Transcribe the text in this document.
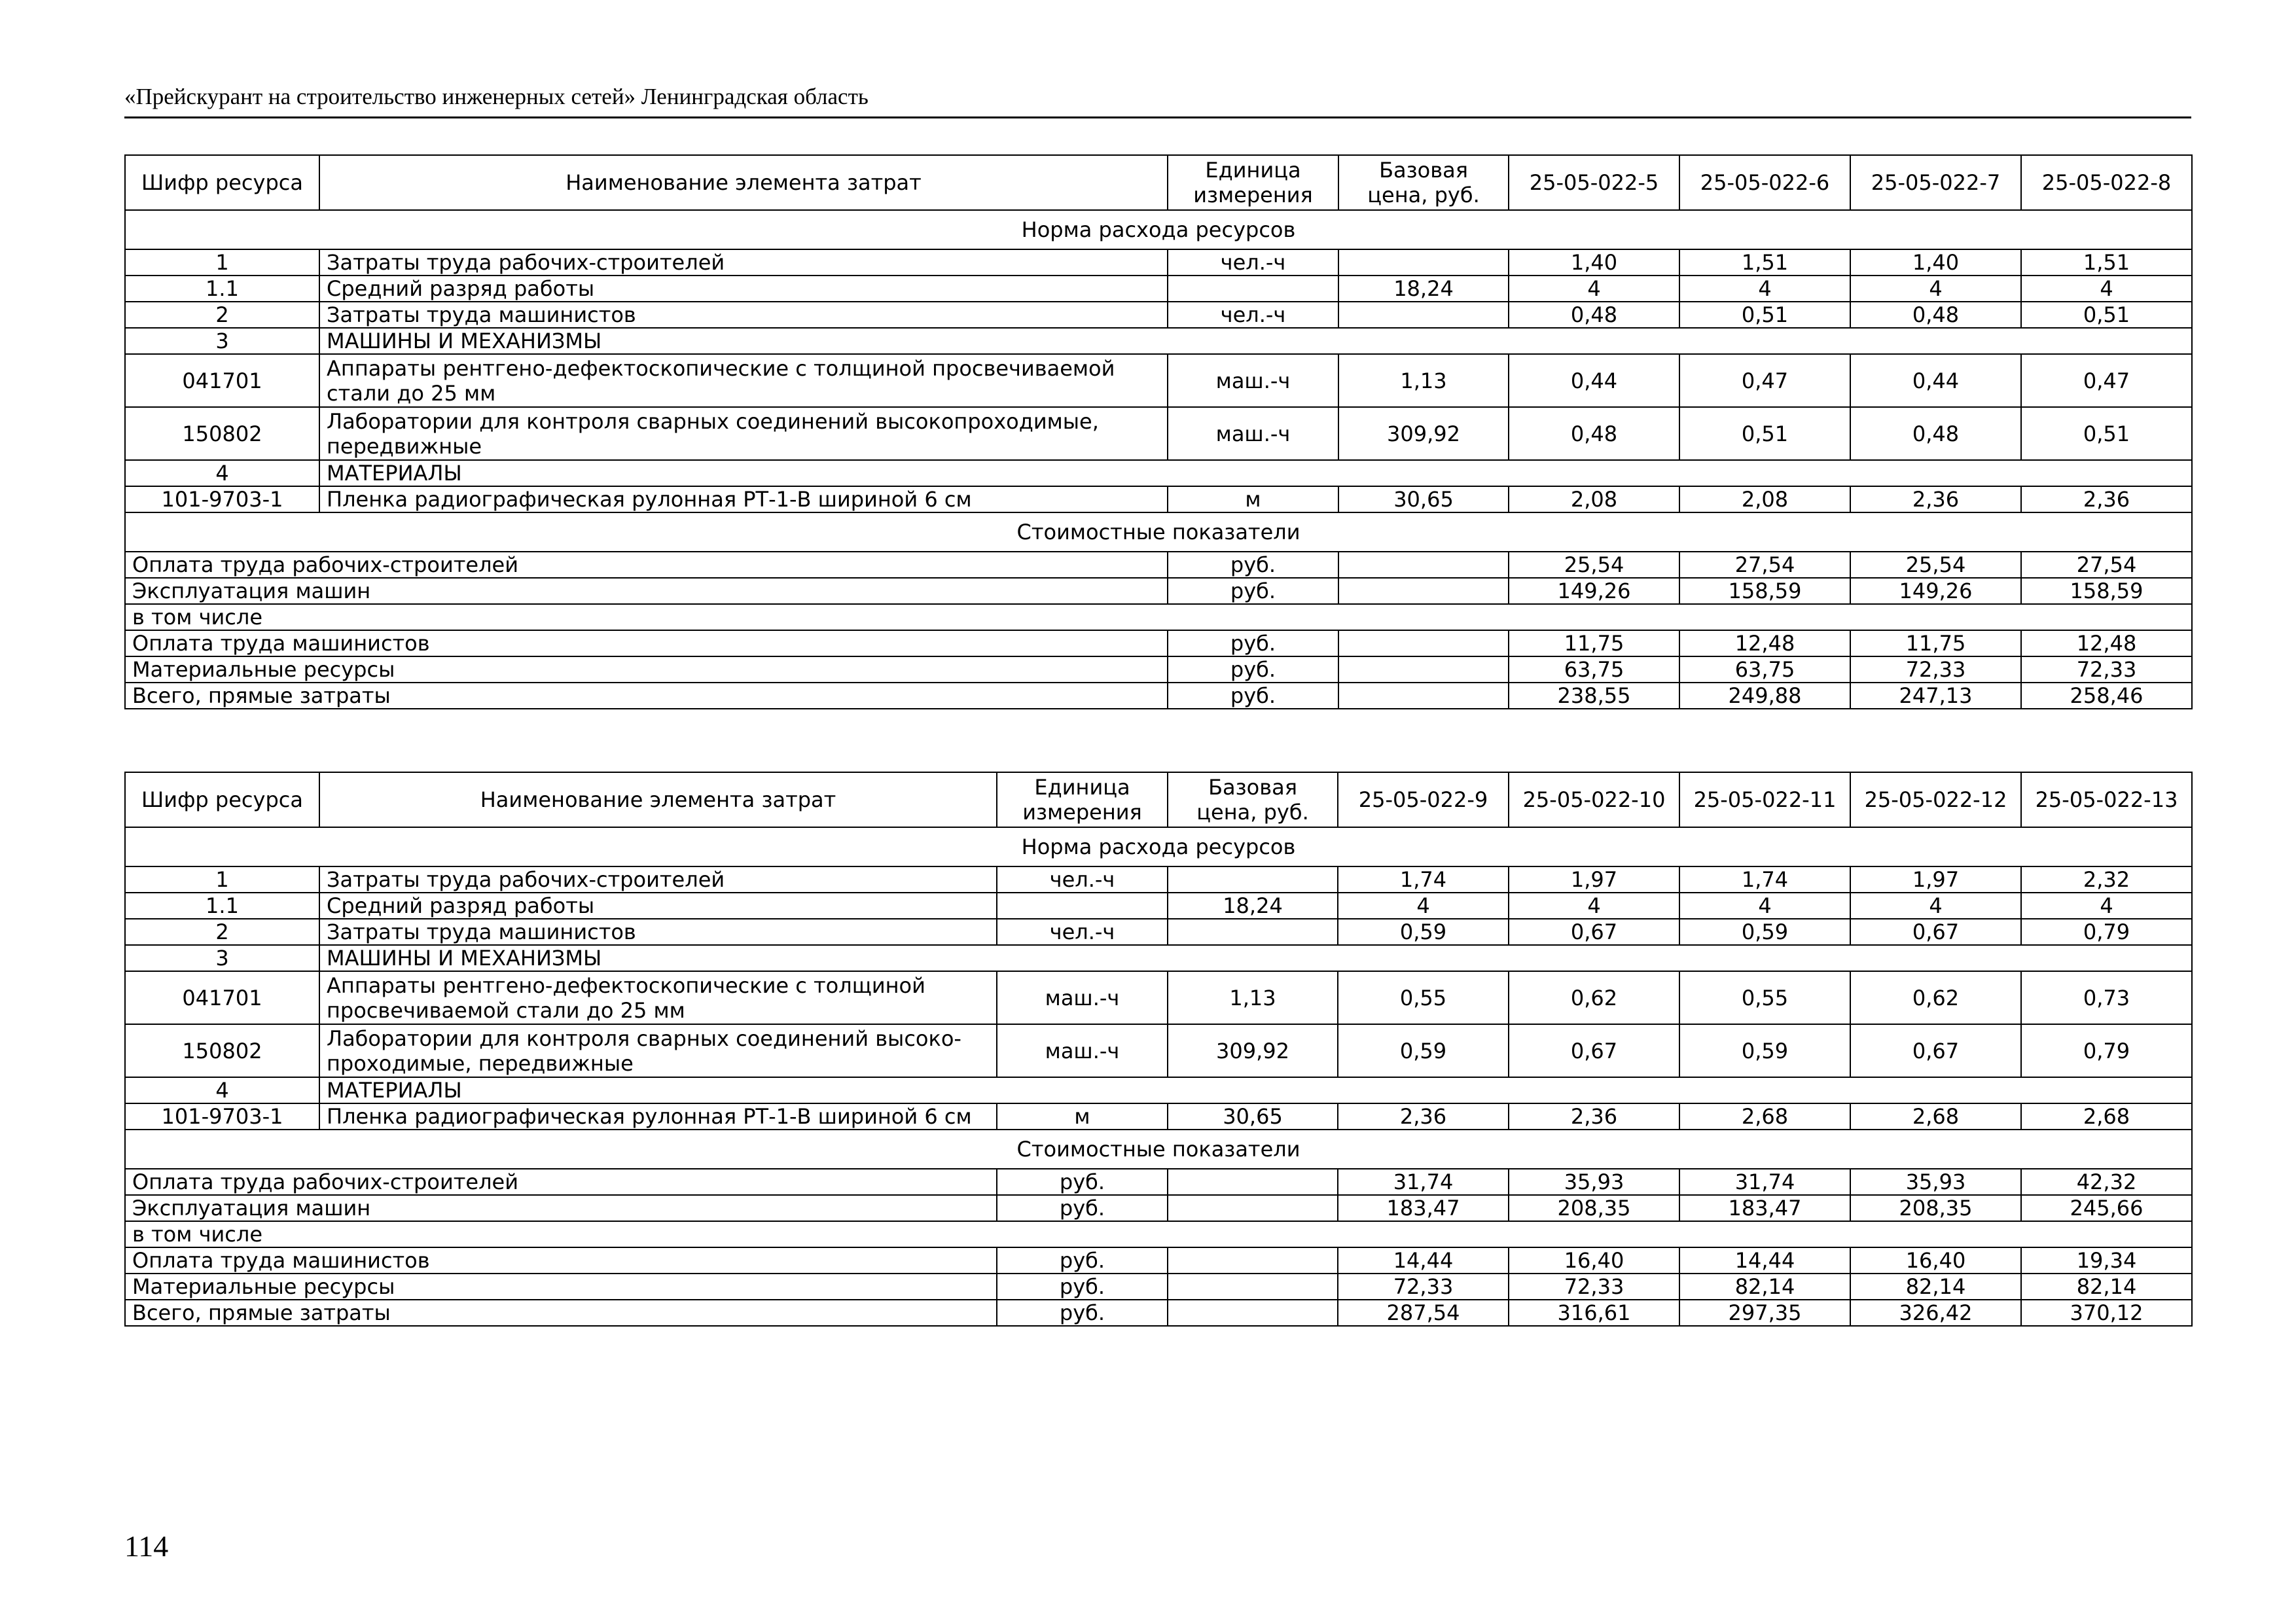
«Прейскурант на строительство инженерных сетей» Ленинградская область
Шифр ресурса	Наименование элемента затрат	Единица измерения	Базовая цена, руб.	25-05-022-5	25-05-022-6	25-05-022-7	25-05-022-8
Норма расхода ресурсов							
1	Затраты труда рабочих-строителей	чел.-ч		1,40	1,51	1,40	1,51
1.1	Средний разряд работы		18,24	4	4	4	4
2	Затраты труда машинистов	чел.-ч		0,48	0,51	0,48	0,51
3	МАШИНЫ И МЕХАНИЗМЫ						
041701	Аппараты рентгено-дефектоскопические с толщиной просвечиваемой стали до 25 мм	маш.-ч	1,13	0,44	0,47	0,44	0,47
150802	Лаборатории для контроля сварных соединений высокопроходимые, передвижные	маш.-ч	309,92	0,48	0,51	0,48	0,51
4	МАТЕРИАЛЫ						
101-9703-1	Пленка радиографическая рулонная РТ-1-В шириной 6 см	м	30,65	2,08	2,08	2,36	2,36
Стоимостные показатели							
Оплата труда рабочих-строителей		руб.		25,54	27,54	25,54	27,54
Эксплуатация машин		руб.		149,26	158,59	149,26	158,59
в том числе							
Оплата труда машинистов		руб.		11,75	12,48	11,75	12,48
Материальные ресурсы		руб.		63,75	63,75	72,33	72,33
Всего, прямые затраты		руб.		238,55	249,88	247,13	258,46
Шифр ресурса	Наименование элемента затрат	Единица измерения	Базовая цена, руб.	25-05-022-9	25-05-022-10	25-05-022-11	25-05-022-12	25-05-022-13
Норма расхода ресурсов								
1	Затраты труда рабочих-строителей	чел.-ч		1,74	1,97	1,74	1,97	2,32
1.1	Средний разряд работы		18,24	4	4	4	4	4
2	Затраты труда машинистов	чел.-ч		0,59	0,67	0,59	0,67	0,79
3	МАШИНЫ И МЕХАНИЗМЫ							
041701	Аппараты рентгено-дефектоскопические с толщиной просвечиваемой стали до 25 мм	маш.-ч	1,13	0,55	0,62	0,55	0,62	0,73
150802	Лаборатории для контроля сварных соединений высоко-проходимые, передвижные	маш.-ч	309,92	0,59	0,67	0,59	0,67	0,79
4	МАТЕРИАЛЫ							
101-9703-1	Пленка радиографическая рулонная РТ-1-В шириной 6 см	м	30,65	2,36	2,36	2,68	2,68	2,68
Стоимостные показатели								
Оплата труда рабочих-строителей		руб.		31,74	35,93	31,74	35,93	42,32
Эксплуатация машин		руб.		183,47	208,35	183,47	208,35	245,66
в том числе								
Оплата труда машинистов		руб.		14,44	16,40	14,44	16,40	19,34
Материальные ресурсы		руб.		72,33	72,33	82,14	82,14	82,14
Всего, прямые затраты		руб.		287,54	316,61	297,35	326,42	370,12
114
